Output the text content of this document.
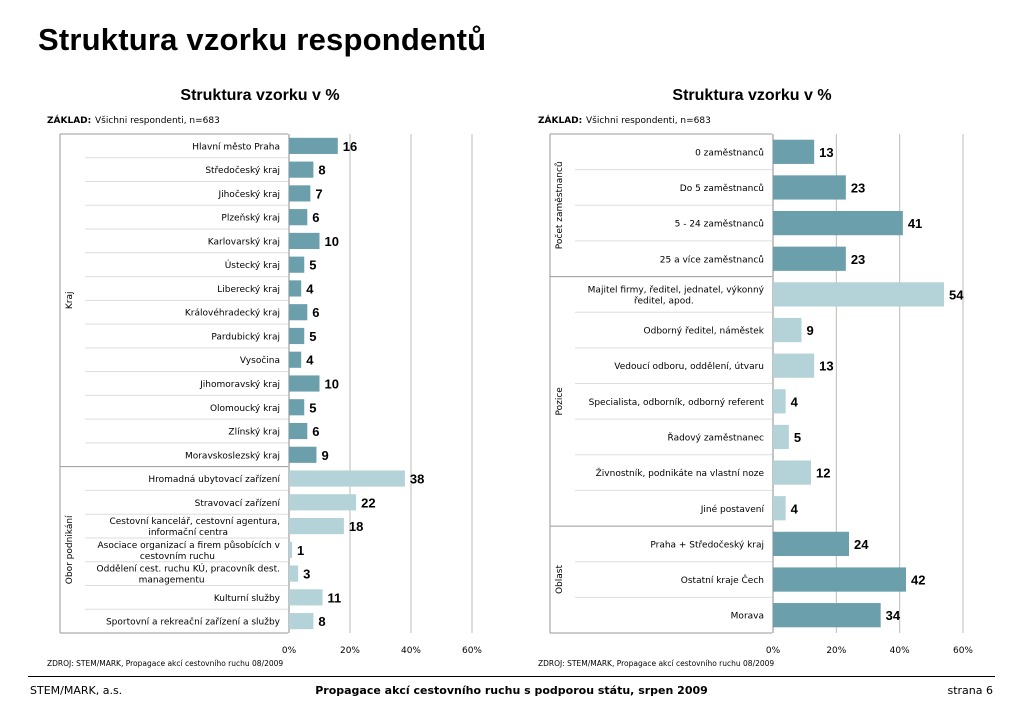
Struktura vzorku respondentů
Struktura vzorku v %
ZÁKLAD: Všichni respondenti, n=683
0%	20%	40%	60%
Kraj
Hlavní město Praha	16
Středočeský kraj	8
Jihočeský kraj	7
Plzeňský kraj 6
Karlovarský kraj	10
Ústecký kraj 5
Liberecký kraj 4
Královéhradecký kraj 6
Pardubický kraj 5
Vysočina 4
Jihomoravský kraj	10
Olomoucký kraj 5
Zlínský kraj 6
Moravskoslezský kraj	9
Obor podnikání
Hromadná ubytovací zařízení	38
Stravovací zařízení	22
Cestovní kancelář, cestovní agentura, informační centra	18
Asociace organizací a firem působících v cestovním ruchu	1
Oddělení cest. ruchu KÚ, pracovník dest. managementu	3
Kulturní služby	11
Sportovní a rekreační zařízení a služby	8
ZDROJ: STEM/MARK, Propagace akcí cestovního ruchu 08/2009
Struktura vzorku v %
ZÁKLAD: Všichni respondenti, n=683
0%	20%	40%	60%
Počet zaměstnanců
0 zaměstnanců	13
Do 5 zaměstnanců	23
5 - 24 zaměstnanců	41
25 a více zaměstnanců	23
Pozice
Majitel firmy, ředitel, jednatel, výkonný ředitel, apod.	54
Odborný ředitel, náměstek	9
Vedoucí odboru, oddělení, útvaru	13
Specialista, odborník, odborný referent 4
Řadový zaměstnanec 5
Živnostník, podnikáte na vlastní noze	12
Jiné postavení 4
Oblast
Praha + Středočeský kraj	24
Ostatní kraje Čech	42
Morava	34
ZDROJ: STEM/MARK, Propagace akcí cestovního ruchu 08/2009
STEM/MARK, a.s.	Propagace akcí cestovního ruchu s podporou státu, srpen 2009	strana 6
